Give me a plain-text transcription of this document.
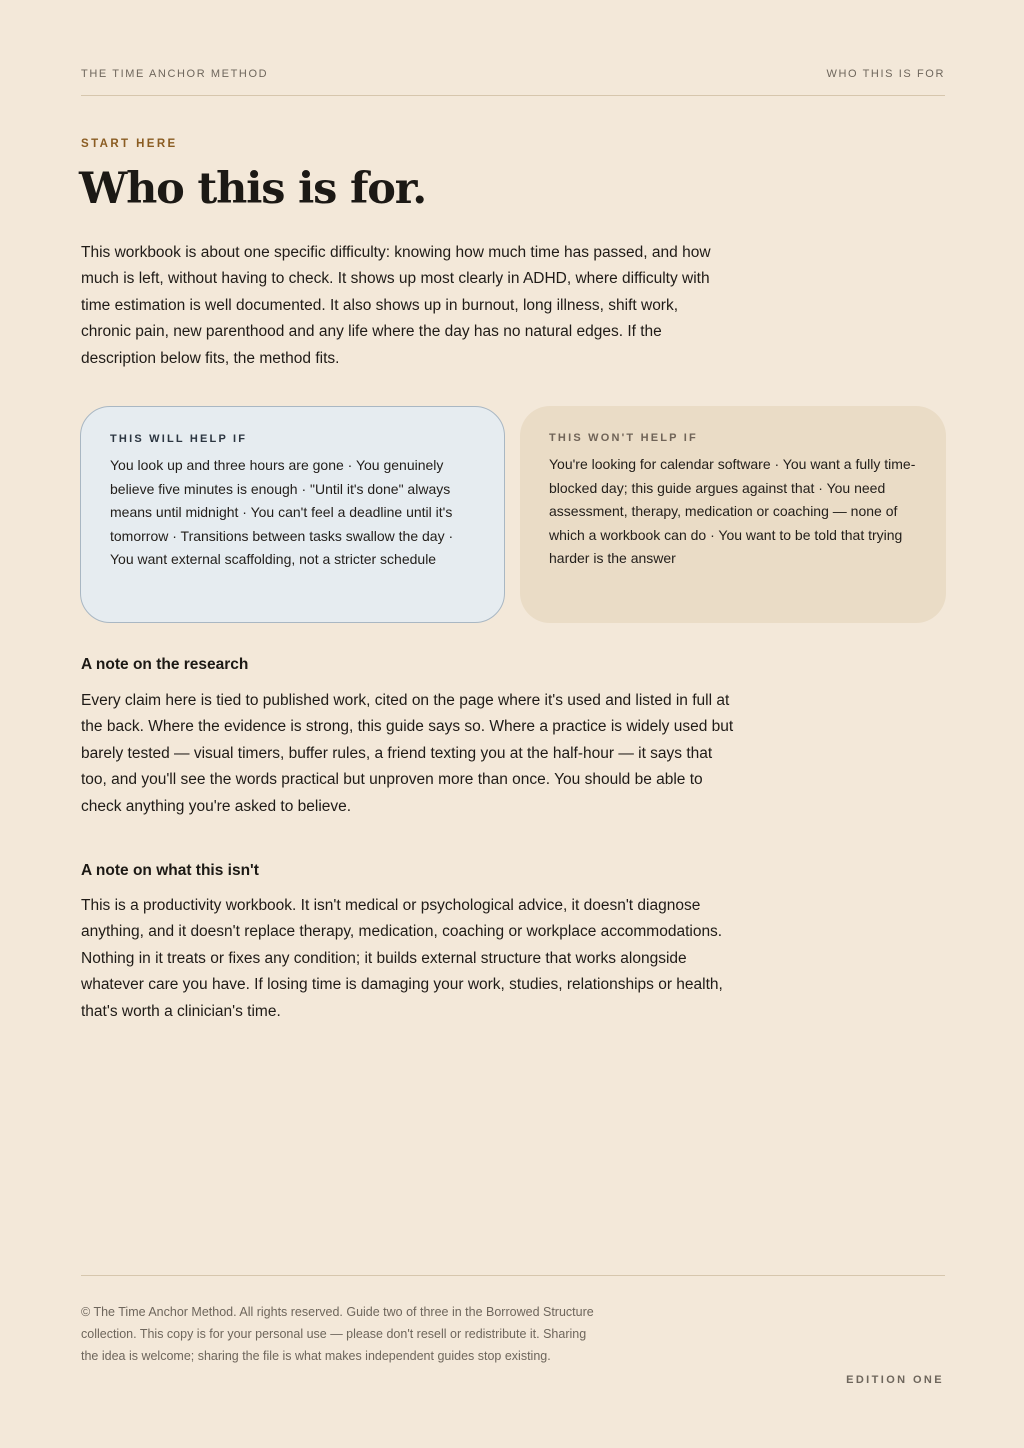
THE TIME ANCHOR METHOD	WHO THIS IS FOR
START HERE
Who this is for.

This workbook is about one specific difficulty: knowing how much time has passed, and how much is left, without having to check. It shows up most clearly in ADHD, where difficulty with time estimation is well documented. It also shows up in burnout, long illness, shift work, chronic pain, new parenthood and any life where the day has no natural edges. If the description below fits, the method fits.

THIS WILL HELP IF
You look up and three hours are gone · You genuinely believe five minutes is enough · "Until it's done" always means until midnight · You can't feel a deadline until it's tomorrow · Transitions between tasks swallow the day · You want external scaffolding, not a stricter schedule
THIS WON'T HELP IF
You're looking for calendar software · You want a fully time-blocked day; this guide argues against that · You need assessment, therapy, medication or coaching — none of which a workbook can do · You want to be told that trying harder is the answer
A note on the research

Every claim here is tied to published work, cited on the page where it's used and listed in full at the back. Where the evidence is strong, this guide says so. Where a practice is widely used but barely tested — visual timers, buffer rules, a friend texting you at the half-hour — it says that too, and you'll see the words practical but unproven more than once. You should be able to check anything you're asked to believe.

A note on what this isn't

This is a productivity workbook. It isn't medical or psychological advice, it doesn't diagnose anything, and it doesn't replace therapy, medication, coaching or workplace accommodations. Nothing in it treats or fixes any condition; it builds external structure that works alongside whatever care you have. If losing time is damaging your work, studies, relationships or health, that's worth a clinician's time.

© The Time Anchor Method. All rights reserved. Guide two of three in the Borrowed Structure collection. This copy is for your personal use — please don't resell or redistribute it. Sharing the idea is welcome; sharing the file is what makes independent guides stop existing.

EDITION ONE
